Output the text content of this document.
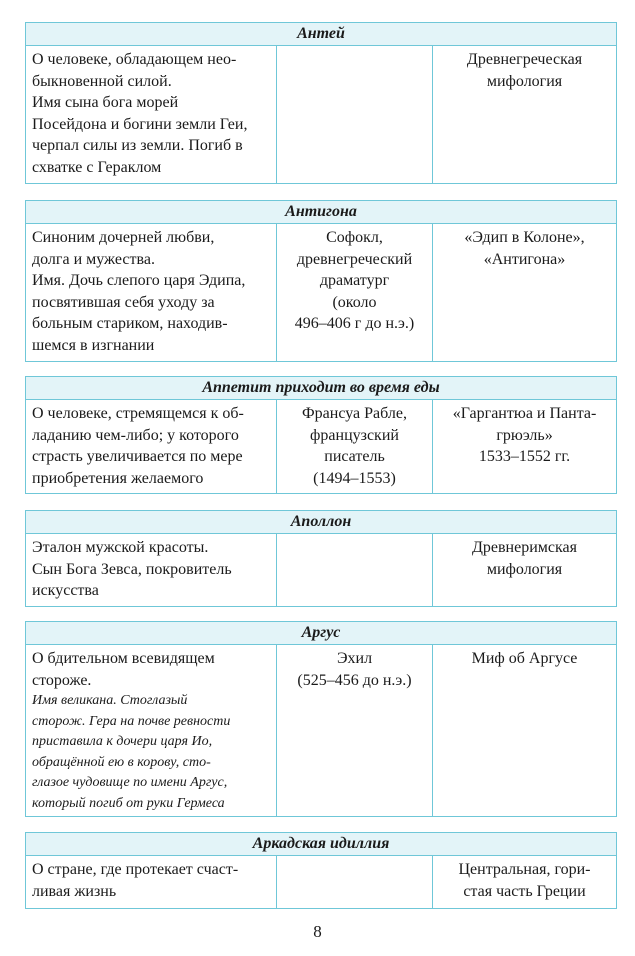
Антей
О человеке, обладающем нео-
быкновенной силой.
Имя сына бога морей
Посейдона и богини земли Геи,
черпал силы из земли. Погиб в
схватке с Гераклом
Древнегреческая
мифология
Антигона
Синоним дочерней любви,
долга и мужества.
Имя. Дочь слепого царя Эдипа,
посвятившая себя уходу за
больным стариком, находив-
шемся в изгнании
Софокл,
древнегреческий
драматург
(около
496–406 г до н.э.)
«Эдип в Колоне»,
«Антигона»
Аппетит приходит во время еды
О человеке, стремящемся к об-
ладанию чем-либо; у которого
страсть увеличивается по мере
приобретения желаемого
Франсуа Рабле,
французский
писатель
(1494–1553)
«Гаргантюа и Панта-
грюэль»
1533–1552 гг.
Аполлон
Эталон мужской красоты.
Сын Бога Зевса, покровитель
искусства
Древнеримская
мифология
Аргус
О бдительном всевидящем
стороже.
Имя великана. Стоглазый
сторож. Гера на почве ревности
приставила к дочери царя Ио,
обращённой ею в корову, сто-
глазое чудовище по имени Аргус,
который погиб от руки Гермеса
Эхил
(525–456 до н.э.)
Миф об Аргусе
Аркадская идиллия
О стране, где протекает счаст-
ливая жизнь
Центральная, гори-
стая часть Греции
8
